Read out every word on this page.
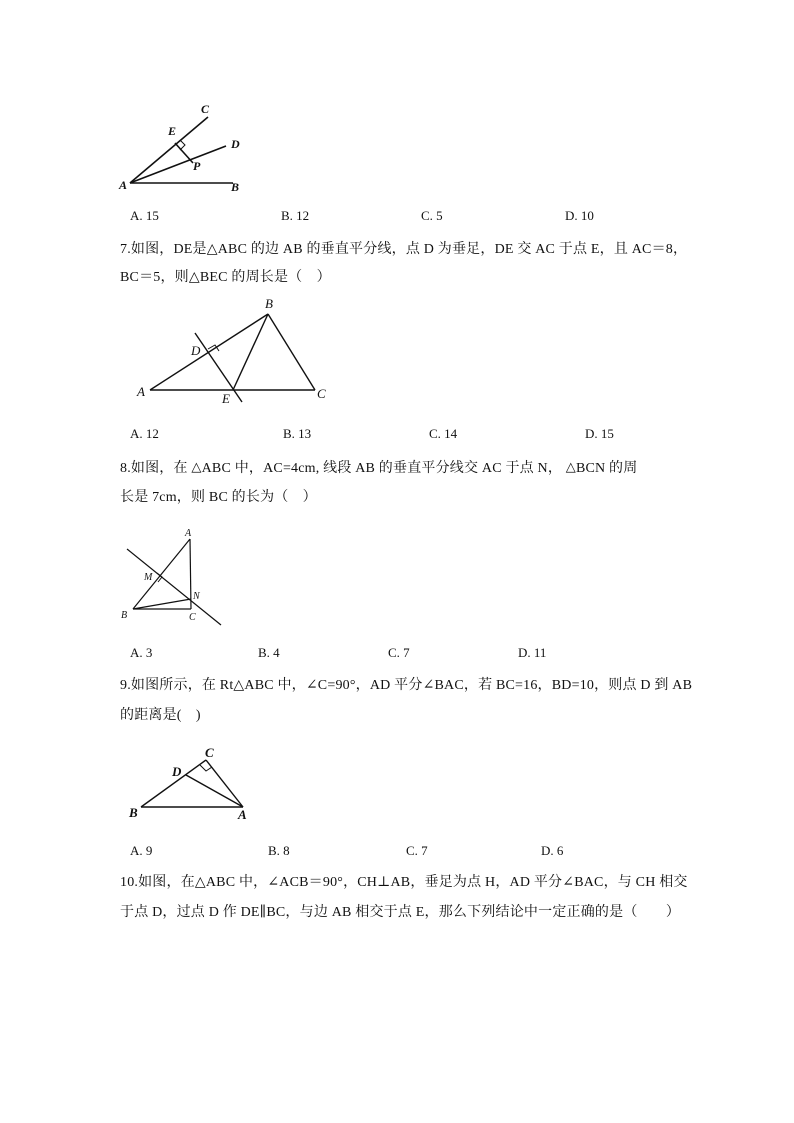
C
E
D
P
A	B
A. 15	B. 12	C. 5	D. 10
7.如图，DE是△ABC 的边 AB 的垂直平分线，点 D 为垂足，DE 交 AC 于点 E，且 AC＝8，
BC＝5，则△BEC 的周长是（　）
B
D
A	E	C
A. 12	B. 13	C. 14	D. 15
8.如图，在 △ABC 中，AC=4cm, 线段 AB 的垂直平分线交 AC 于点 N， △BCN 的周
长是 7cm，则 BC 的长为（　）
A
M
N
B	C
A. 3	B. 4	C. 7	D. 11
9.如图所示，在 Rt△ABC 中，∠C=90°，AD 平分∠BAC，若 BC=16，BD=10，则点 D 到 AB
的距离是(　)
C
D
B	A
A. 9	B. 8	C. 7	D. 6
10.如图，在△ABC 中，∠ACB＝90°，CH⊥AB，垂足为点 H，AD 平分∠BAC，与 CH 相交
于点 D，过点 D 作 DE∥BC，与边 AB 相交于点 E，那么下列结论中一定正确的是（　　）
